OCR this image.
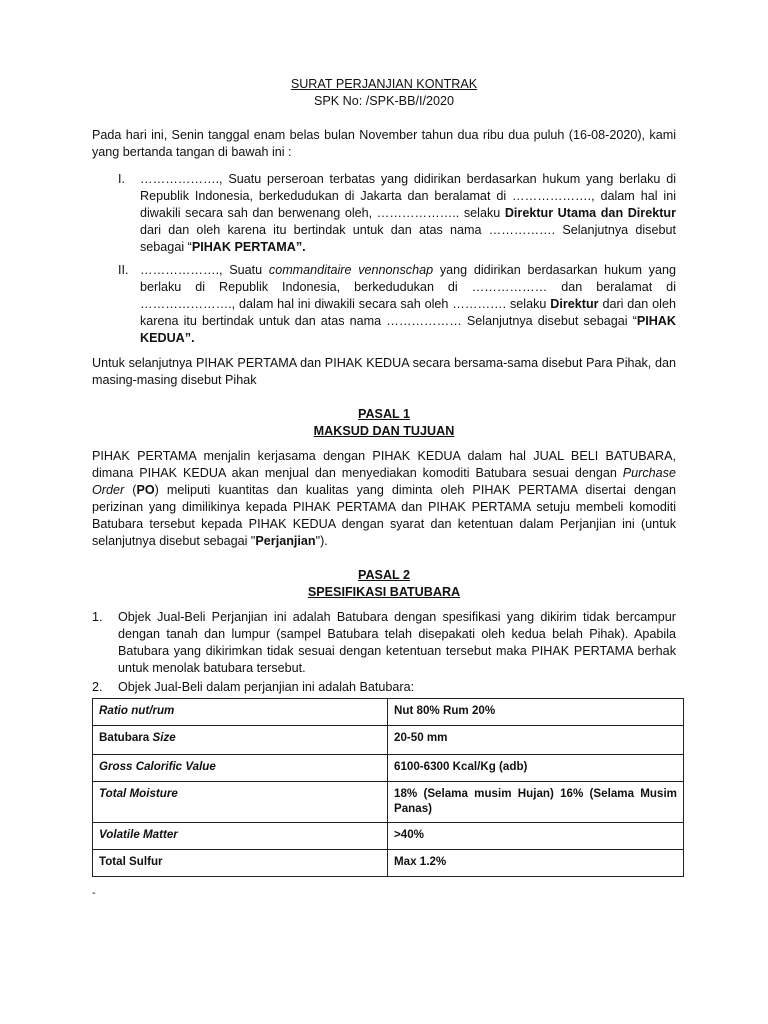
SURAT PERJANJIAN KONTRAK

SPK No: /SPK-BB/I/2020

Pada hari ini, Senin tanggal enam belas bulan November tahun dua ribu dua puluh (16-08-2020), kami yang bertanda tangan di bawah ini :

I. ………………., Suatu perseroan terbatas yang didirikan berdasarkan hukum yang berlaku di Republik Indonesia, berkedudukan di Jakarta dan beralamat di ………………., dalam hal ini diwakili secara sah dan berwenang oleh, ……………….. selaku Direktur Utama dan Direktur dari dan oleh karena itu bertindak untuk dan atas nama ……………. Selanjutnya disebut sebagai “PIHAK PERTAMA”.
II. ………………., Suatu commanditaire vennonschap yang didirikan berdasarkan hukum yang berlaku di Republik Indonesia, berkedudukan di ……………… dan beralamat di …………………., dalam hal ini diwakili secara sah oleh …………. selaku Direktur dari dan oleh karena itu bertindak untuk dan atas nama ……………… Selanjutnya disebut sebagai “PIHAK KEDUA”.

Untuk selanjutnya PIHAK PERTAMA dan PIHAK KEDUA secara bersama-sama disebut Para Pihak, dan masing-masing disebut Pihak

PASAL 1
MAKSUD DAN TUJUAN

PIHAK PERTAMA menjalin kerjasama dengan PIHAK KEDUA dalam hal JUAL BELI BATUBARA, dimana PIHAK KEDUA akan menjual dan menyediakan komoditi Batubara sesuai dengan Purchase Order (PO) meliputi kuantitas dan kualitas yang diminta oleh PIHAK PERTAMA disertai dengan perizinan yang dimilikinya kepada PIHAK PERTAMA dan PIHAK PERTAMA setuju membeli komoditi Batubara tersebut kepada PIHAK KEDUA dengan syarat dan ketentuan dalam Perjanjian ini (untuk selanjutnya disebut sebagai "Perjanjian").

PASAL 2
SPESIFIKASI BATUBARA
1. Objek Jual-Beli Perjanjian ini adalah Batubara dengan spesifikasi yang dikirim tidak bercampur dengan tanah dan lumpur (sampel Batubara telah disepakati oleh kedua belah Pihak). Apabila Batubara yang dikirimkan tidak sesuai dengan ketentuan tersebut maka PIHAK PERTAMA berhak untuk menolak batubara tersebut.
2. Objek Jual-Beli dalam perjanjian ini adalah Batubara:
Ratio nut/rum	Nut 80% Rum 20%
Batubara Size	20-50 mm
Gross Calorific Value	6100-6300 Kcal/Kg (adb)
Total Moisture	18% (Selama musim Hujan) 16% (Selama Musim Panas)
Volatile Matter	>40%
Total Sulfur	Max 1.2%

-
